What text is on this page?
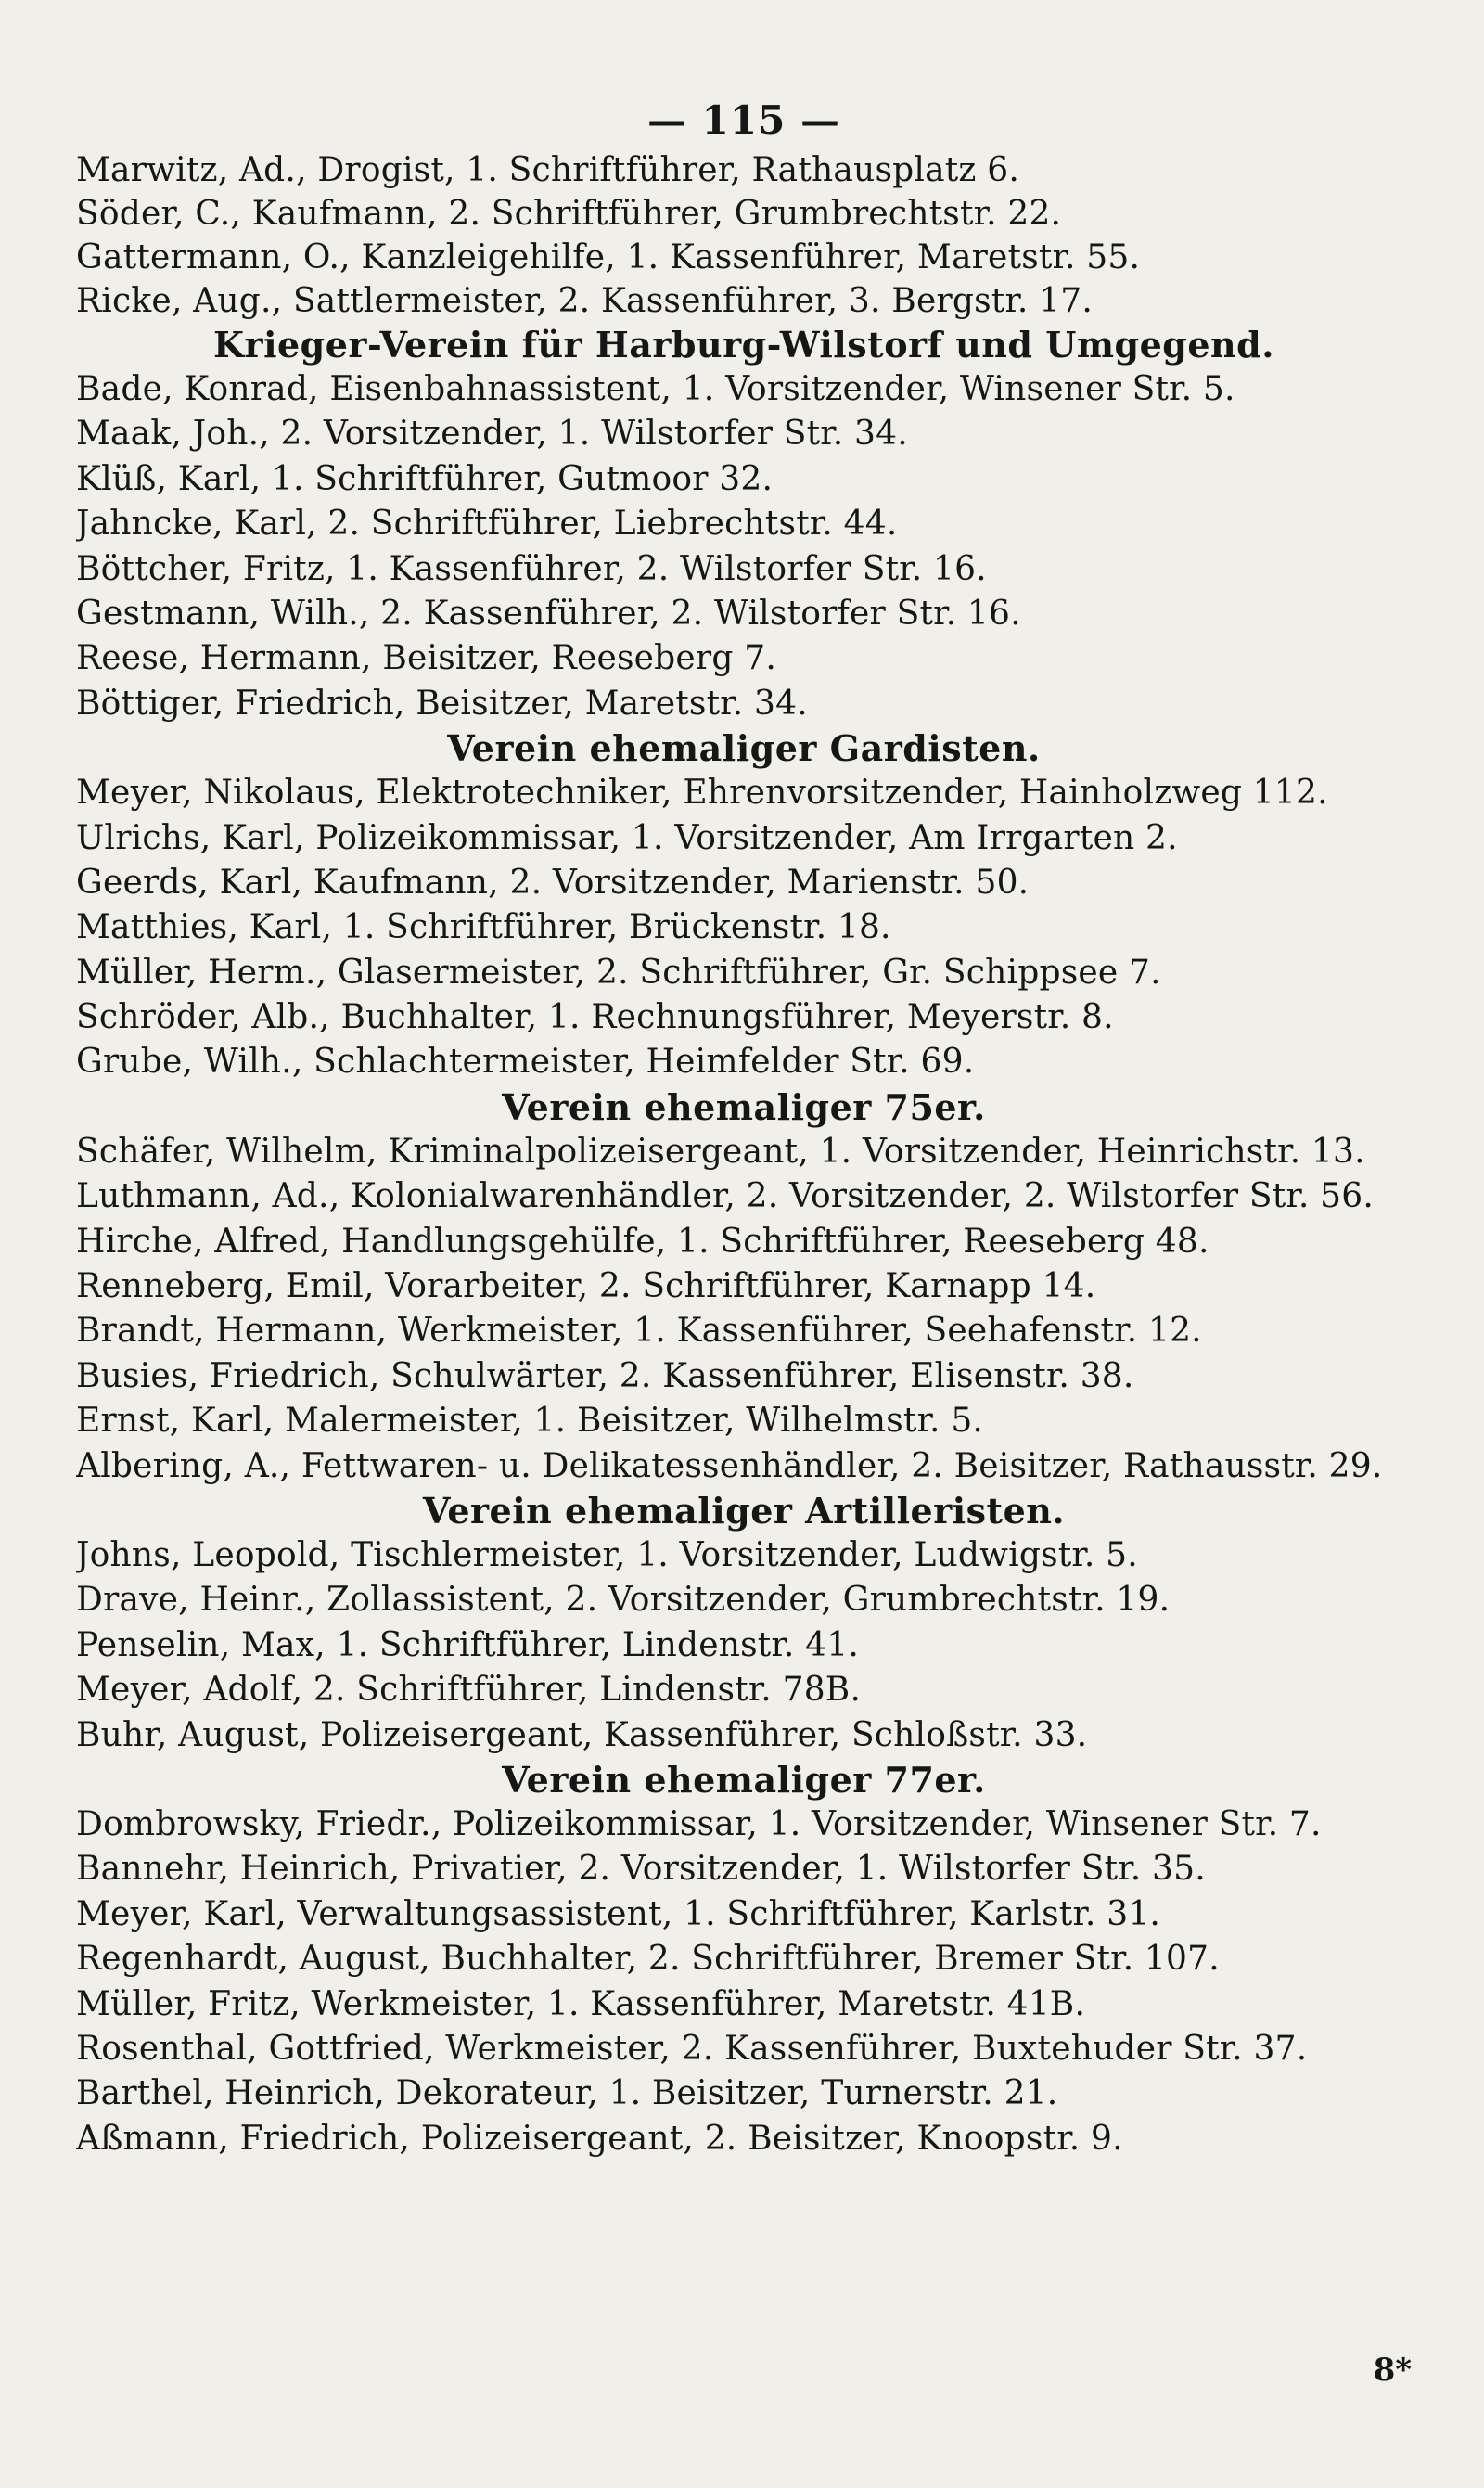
— 115 —
Marwitz, Ad., Drogist, 1. Schriftführer, Rathausplatz 6.
Söder, C., Kaufmann, 2. Schriftführer, Grumbrechtstr. 22.
Gattermann, O., Kanzleigehilfe, 1. Kassenführer, Maretstr. 55.
Ricke, Aug., Sattlermeister, 2. Kassenführer, 3. Bergstr. 17.
Krieger-Verein für Harburg-Wilstorf und Umgegend.
Bade, Konrad, Eisenbahnassistent, 1. Vorsitzender, Winsener Str. 5.
Maak, Joh., 2. Vorsitzender, 1. Wilstorfer Str. 34.
Klüß, Karl, 1. Schriftführer, Gutmoor 32.
Jahncke, Karl, 2. Schriftführer, Liebrechtstr. 44.
Böttcher, Fritz, 1. Kassenführer, 2. Wilstorfer Str. 16.
Gestmann, Wilh., 2. Kassenführer, 2. Wilstorfer Str. 16.
Reese, Hermann, Beisitzer, Reeseberg 7.
Böttiger, Friedrich, Beisitzer, Maretstr. 34.
Verein ehemaliger Gardisten.
Meyer, Nikolaus, Elektrotechniker, Ehrenvorsitzender, Hainholzweg 112.
Ulrichs, Karl, Polizeikommissar, 1. Vorsitzender, Am Irrgarten 2.
Geerds, Karl, Kaufmann, 2. Vorsitzender, Marienstr. 50.
Matthies, Karl, 1. Schriftführer, Brückenstr. 18.
Müller, Herm., Glasermeister, 2. Schriftführer, Gr. Schippsee 7.
Schröder, Alb., Buchhalter, 1. Rechnungsführer, Meyerstr. 8.
Grube, Wilh., Schlachtermeister, Heimfelder Str. 69.
Verein ehemaliger 75er.
Schäfer, Wilhelm, Kriminalpolizeisergeant, 1. Vorsitzender, Heinrichstr. 13.
Luthmann, Ad., Kolonialwarenhändler, 2. Vorsitzender, 2. Wilstorfer Str. 56.
Hirche, Alfred, Handlungsgehülfe, 1. Schriftführer, Reeseberg 48.
Renneberg, Emil, Vorarbeiter, 2. Schriftführer, Karnapp 14.
Brandt, Hermann, Werkmeister, 1. Kassenführer, Seehafenstr. 12.
Busies, Friedrich, Schulwärter, 2. Kassenführer, Elisenstr. 38.
Ernst, Karl, Malermeister, 1. Beisitzer, Wilhelmstr. 5.
Albering, A., Fettwaren- u. Delikatessenhändler, 2. Beisitzer, Rathausstr. 29.
Verein ehemaliger Artilleristen.
Johns, Leopold, Tischlermeister, 1. Vorsitzender, Ludwigstr. 5.
Drave, Heinr., Zollassistent, 2. Vorsitzender, Grumbrechtstr. 19.
Penselin, Max, 1. Schriftführer, Lindenstr. 41.
Meyer, Adolf, 2. Schriftführer, Lindenstr. 78B.
Buhr, August, Polizeisergeant, Kassenführer, Schloßstr. 33.
Verein ehemaliger 77er.
Dombrowsky, Friedr., Polizeikommissar, 1. Vorsitzender, Winsener Str. 7.
Bannehr, Heinrich, Privatier, 2. Vorsitzender, 1. Wilstorfer Str. 35.
Meyer, Karl, Verwaltungsassistent, 1. Schriftführer, Karlstr. 31.
Regenhardt, August, Buchhalter, 2. Schriftführer, Bremer Str. 107.
Müller, Fritz, Werkmeister, 1. Kassenführer, Maretstr. 41B.
Rosenthal, Gottfried, Werkmeister, 2. Kassenführer, Buxtehuder Str. 37.
Barthel, Heinrich, Dekorateur, 1. Beisitzer, Turnerstr. 21.
Aßmann, Friedrich, Polizeisergeant, 2. Beisitzer, Knoopstr. 9.
8*
